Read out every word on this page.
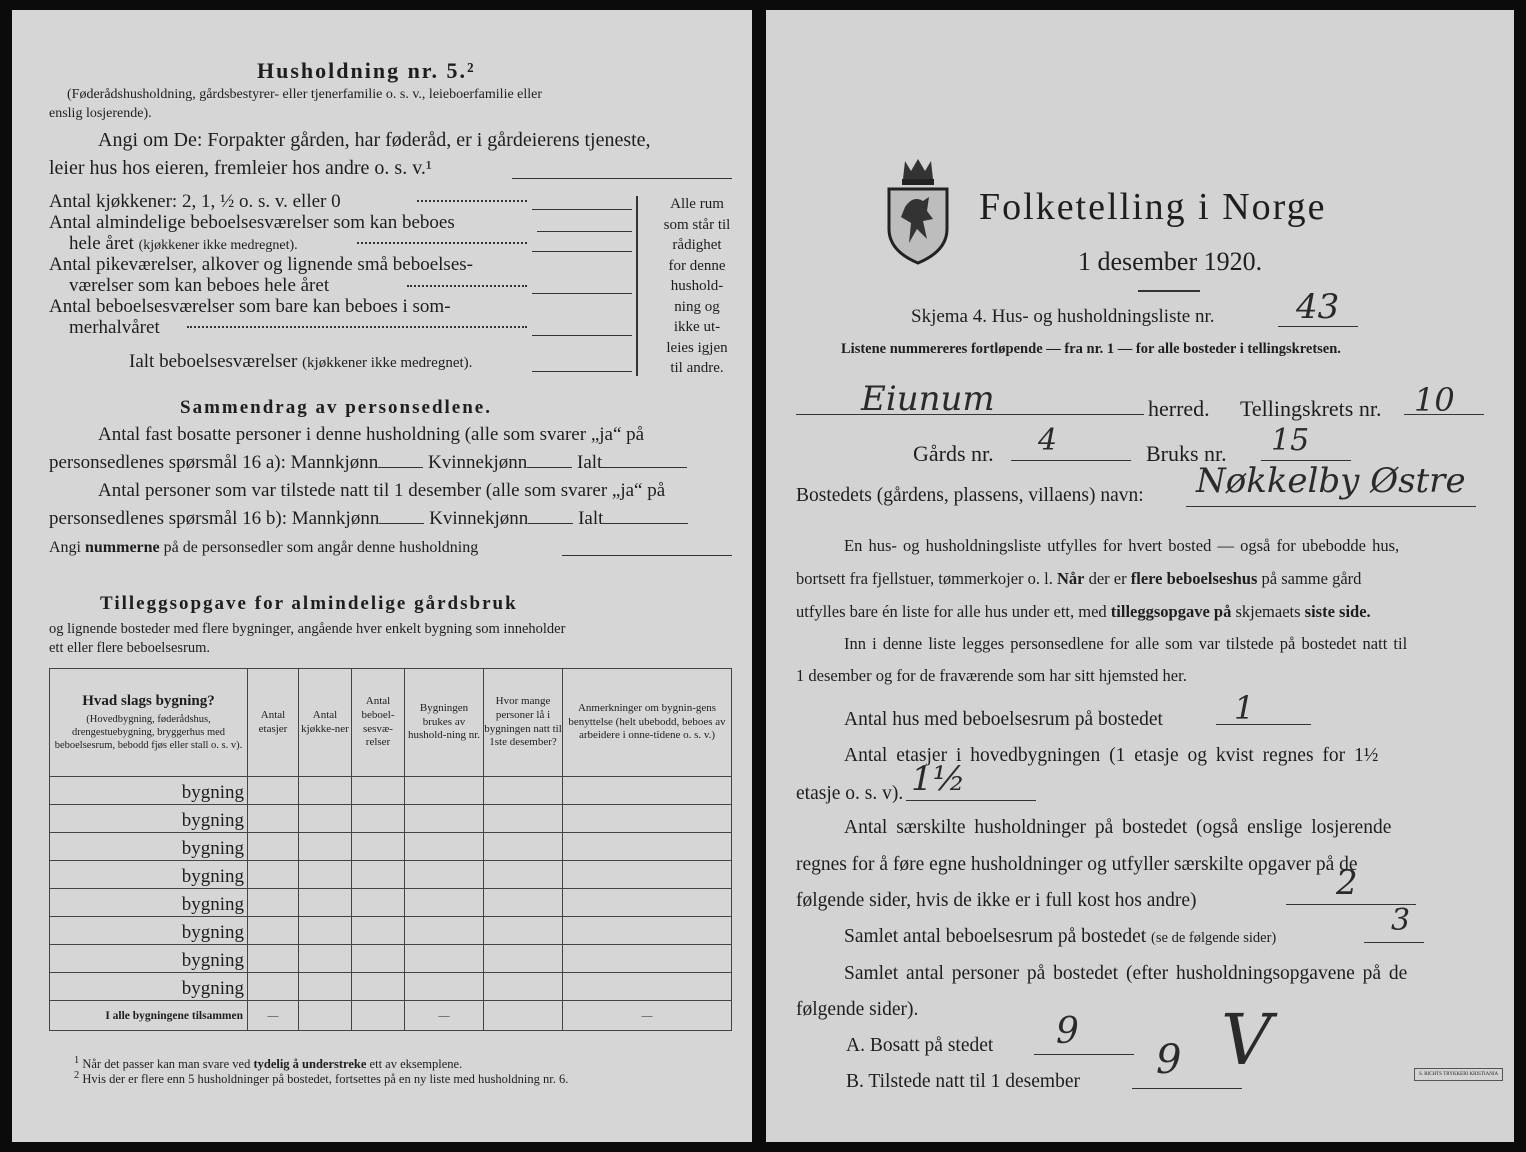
Husholdning nr. 5.²
(Føderådshusholdning, gårdsbestyrer- eller tjenerfamilie o. s. v., leieboerfamilie eller
enslig losjerende).
Angi om De: Forpakter gården, har føderåd, er i gårdeierens tjeneste,
leier hus hos eieren, fremleier hos andre o. s. v.¹
Antal kjøkkener: 2, 1, ½ o. s. v. eller 0
Antal almindelige beboelsesværelser som kan beboes
hele året (kjøkkener ikke medregnet).
Antal pikeværelser, alkover og lignende små beboelses-
værelser som kan beboes hele året
Antal beboelsesværelser som bare kan beboes i som-
merhalvåret
Ialt beboelsesværelser (kjøkkener ikke medregnet).
Alle rum
som står til
rådighet
for denne
hushold-
ning og
ikke ut-
leies igjen
til andre.
Sammendrag av personsedlene.
Antal fast bosatte personer i denne husholdning (alle som svarer „ja“ på
personsedlenes spørsmål 16 a): Mannkjønn	Kvinnekjønn	Ialt
Antal personer som var tilstede natt til 1 desember (alle som svarer „ja“ på
personsedlenes spørsmål 16 b): Mannkjønn	Kvinnekjønn	Ialt
Angi nummerne på de personsedler som angår denne husholdning
Tilleggsopgave for almindelige gårdsbruk
og lignende bosteder med flere bygninger, angående hver enkelt bygning som inneholder
ett eller flere beboelsesrum.
Hvad slags bygning?
(Hovedbygning, føderådshus, drengestuebygning, bryggerhus med beboelsesrum, bebodd fjøs eller stall o. s. v).	Antal etasjer	Antal kjøkke-ner	Antal beboel-sesvæ-relser	Bygningen brukes av hushold-ning nr.	Hvor mange personer lå i bygningen natt til 1ste desember?	Anmerkninger om bygnin-gens benyttelse (helt ubebodd, beboes av arbeidere i onne-tidene o. s. v.)
bygning						
bygning						
bygning						
bygning						
bygning						
bygning						
bygning						
bygning						
I alle bygningene tilsammen	—			—		—
$^1$ Når det passer kan man svare ved tydelig å understreke ett av eksemplene.
$^2$ Hvis der er flere enn 5 husholdninger på bostedet, fortsettes på en ny liste med husholdning nr. 6.
Folketelling i Norge
1 desember 1920.
Skjema 4. Hus- og husholdningsliste nr. 43
Listene nummereres fortløpende — fra nr. 1 — for alle bosteder i tellingskretsen.
Eiunum	herred. Tellingskrets nr. 10
Gårds nr. 4	Bruks nr. 15
Bostedets (gårdens, plassens, villaens) navn: Nøkkelby Østre
En hus- og husholdningsliste utfylles for hvert bosted — også for ubebodde hus,
bortsett fra fjellstuer, tømmerkojer o. l. Når der er flere beboelseshus på samme gård
utfylles bare én liste for alle hus under ett, med tilleggsopgave på skjemaets siste side.
Inn i denne liste legges personsedlene for alle som var tilstede på bostedet natt til
1 desember og for de fraværende som har sitt hjemsted her.
Antal hus med beboelsesrum på bostedet 1
Antal etasjer i hovedbygningen (1 etasje og kvist regnes for 1½
etasje o. s. v). 1½
Antal særskilte husholdninger på bostedet (også enslige losjerende
regnes for å føre egne husholdninger og utfyller særskilte opgaver på de
følgende sider, hvis de ikke er i full kost hos andre)	2
Samlet antal beboelsesrum på bostedet (se de følgende sider)	3
Samlet antal personer på bostedet (efter husholdningsopgavene på de
følgende sider).
A. Bosatt på stedet 9
B. Tilstede natt til 1 desember 9 V	S. RICHTS TRYKKERI KRISTIANIA
